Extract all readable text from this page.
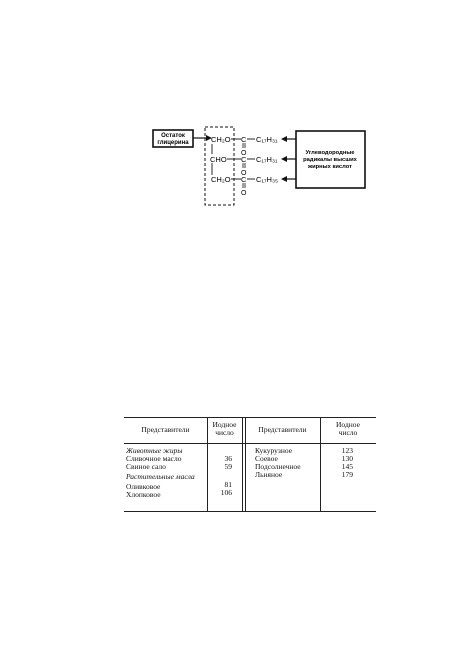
Остаток
глицерина	CH₂O C C₁₇H₃₁
O
CHO C C₁₇H₃₁
O
CH₂O C C₁₇H₃₅
O
Углеводородные
радикалы высших
жирных кислот
Представители
Иодное
число	Представители
Иодное
число
Животные жиры
Сливочное масло	36
Свиное сало	59
Растительные масла
Оливковое	81
Хлопковое	106
Кукурузное	123
Соевое	130
Подсолнечное	145
Льняное	179
